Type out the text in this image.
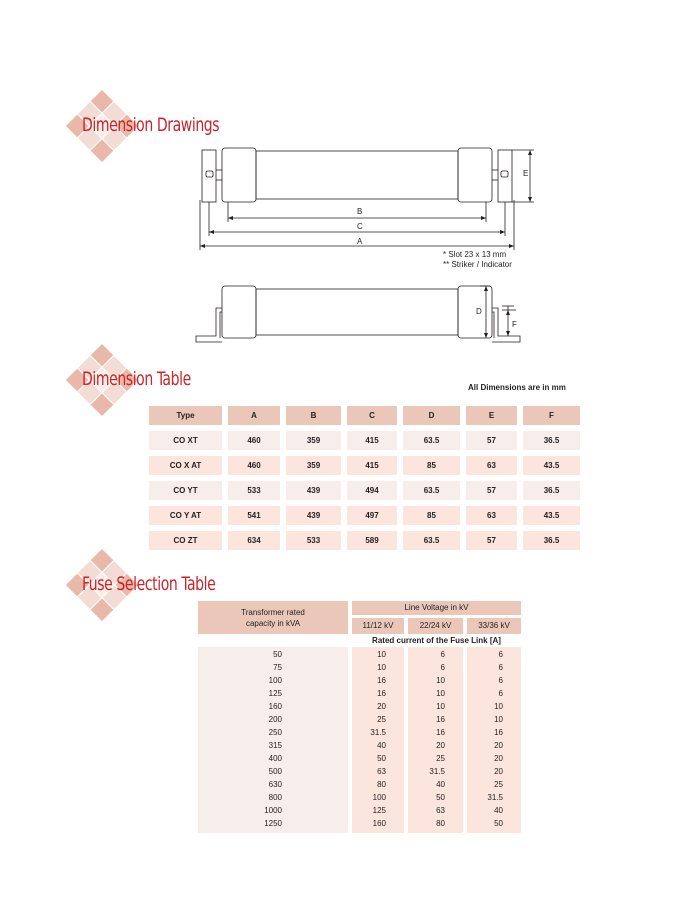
Dimension Drawings
E
B
C
A
* Slot 23 x 13 mm
** Striker / Indicator
D
F
Dimension Table	All Dimensions are in mm
Type	A	B	C	D	E	F
CO XT	460	359	415	63.5	57	36.5
CO X AT	460	359	415	85	63	43.5
CO YT	533	439	494	63.5	57	36.5
CO Y AT	541	439	497	85	63	43.5
CO ZT	634	533	589	63.5	57	36.5
Fuse Selection Table
Transformer rated
capacity in kVA
Line Voltage in kV
11/12 kV	22/24 kV	33/36 kV
Rated current of the Fuse Link [A]
50	10	6	6
75	10	6	6
100	16	10	6
125	16	10	6
160	20	10	10
200	25	16	10
250	31.5	16	16
315	40	20	20
400	50	25	20
500	63	31.5	20
630	80	40	25
800	100	50	31.5
1000	125	63	40
1250	160	80	50
